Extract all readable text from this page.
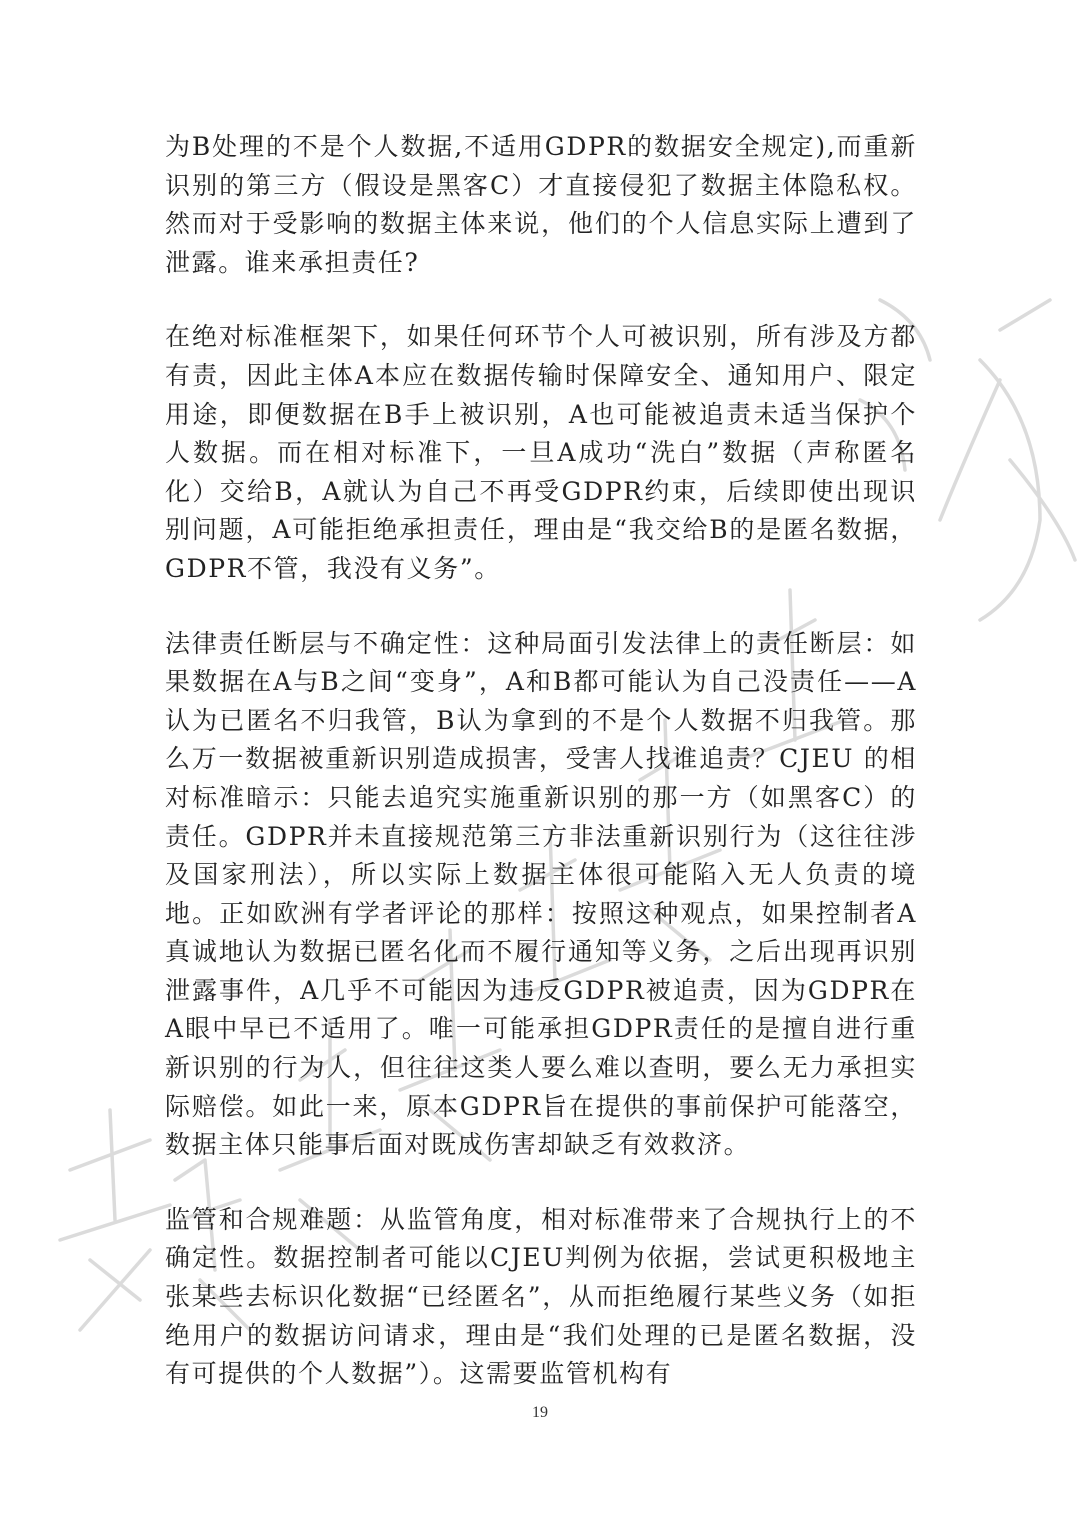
为B处理的不是个人数据,不适用GDPR的数据安全规定),而重新识别的第三方（假设是黑客C）才直接侵犯了数据主体隐私权。然而对于受影响的数据主体来说，他们的个人信息实际上遭到了泄露。谁来承担责任?

在绝对标准框架下，如果任何环节个人可被识别，所有涉及方都有责，因此主体A本应在数据传输时保障安全、通知用户、限定用途，即便数据在B手上被识别，A也可能被追责未适当保护个人数据。而在相对标准下，一旦A成功“洗白”数据（声称匿名化）交给B，A就认为自己不再受GDPR约束，后续即使出现识别问题，A可能拒绝承担责任，理由是“我交给B的是匿名数据，GDPR不管，我没有义务”。

法律责任断层与不确定性：这种局面引发法律上的责任断层：如果数据在A与B之间“变身”，A和B都可能认为自己没责任——A认为已匿名不归我管，B认为拿到的不是个人数据不归我管。那么万一数据被重新识别造成损害，受害人找谁追责？CJEU 的相对标准暗示：只能去追究实施重新识别的那一方（如黑客C）的责任。GDPR并未直接规范第三方非法重新识别行为（这往往涉及国家刑法），所以实际上数据主体很可能陷入无人负责的境地。正如欧洲有学者评论的那样：按照这种观点，如果控制者A真诚地认为数据已匿名化而不履行通知等义务，之后出现再识别泄露事件，A几乎不可能因为违反GDPR被追责，因为GDPR在A眼中早已不适用了。唯一可能承担GDPR责任的是擅自进行重新识别的行为人，但往往这类人要么难以查明，要么无力承担实际赔偿。如此一来，原本GDPR旨在提供的事前保护可能落空，数据主体只能事后面对既成伤害却缺乏有效救济。

监管和合规难题：从监管角度，相对标准带来了合规执行上的不确定性。数据控制者可能以CJEU判例为依据，尝试更积极地主张某些去标识化数据“已经匿名”，从而拒绝履行某些义务（如拒绝用户的数据访问请求，理由是“我们处理的已是匿名数据，没有可提供的个人数据”）。这需要监管机构有

19
